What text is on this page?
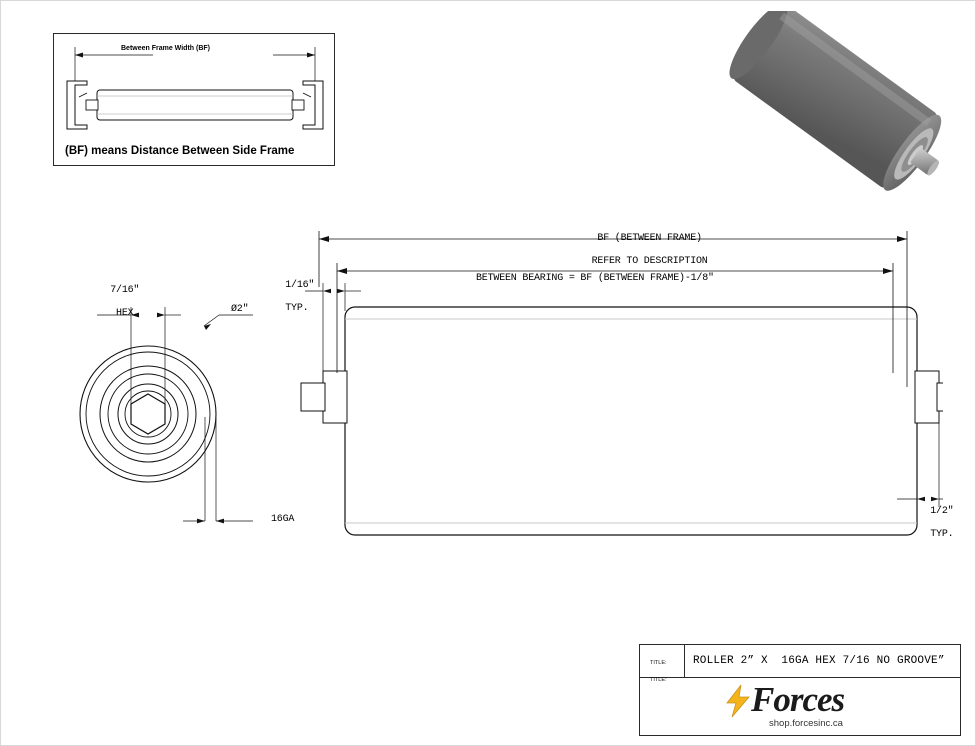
Between Frame Width (BF)
(BF) means Distance Between Side Frame

7/16"

HEX
	Ø2"
16GA

BF (BETWEEN FRAME)

REFER TO DESCRIPTION

BETWEEN BEARING = BF (BETWEEN FRAME)-1/8"

1/16"

TYP.

1/2"

TYP.

TITLE:

TITLE:

ROLLER 2” X  16GA HEX 7/16 NO GROOVE”
Forces
shop.forcesinc.ca
